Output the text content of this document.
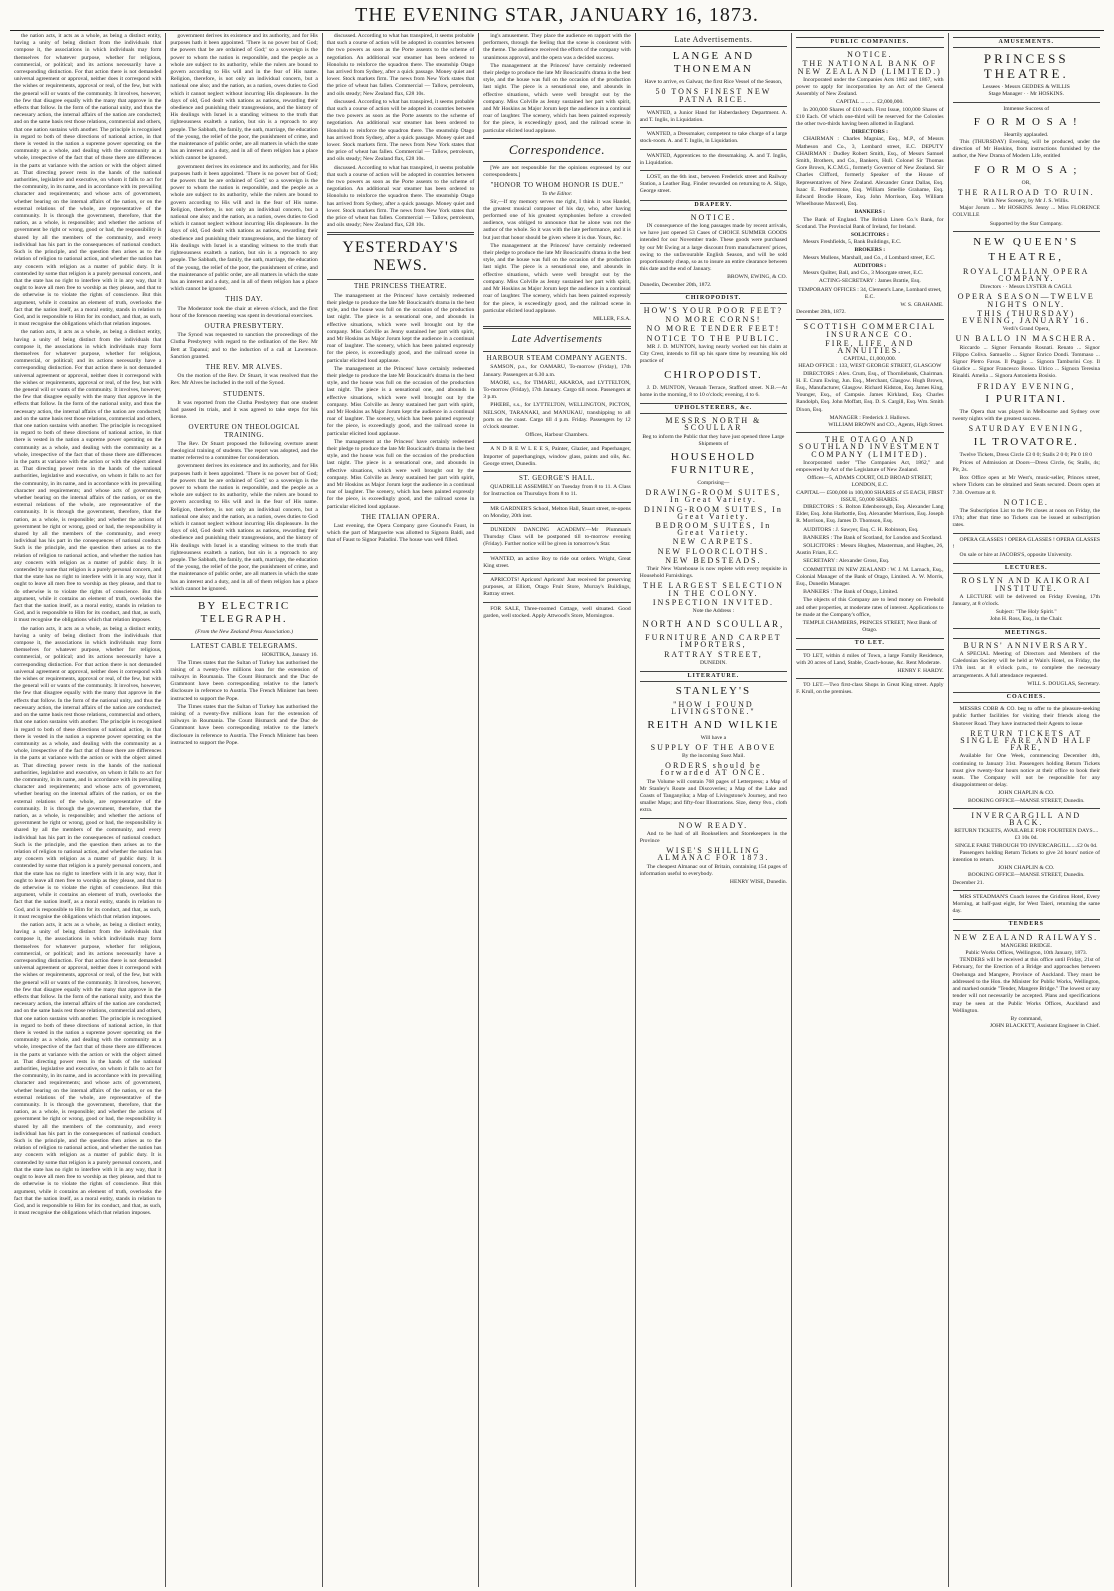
THE EVENING STAR, JANUARY 16, 1873.

the nation acts, it acts as a whole, as being a distinct entity, having a unity of being distinct from the individuals that compose it, the associations in which individuals may form themselves for whatever purpose, whether for religious, commercial, or political; and its actions necessarily have a corresponding distinction. For that action there is not demanded universal agreement or approval, neither does it correspond with the wishes or requirements, approval or real, of the few, but with the general will or wants of the community. It involves, however, the few that disagree equally with the many that approve in the effects that follow. In the form of the national unity, and thus the necessary action, the internal affairs of the nation are conducted; and on the same basis rest those relations, commercial and others, that one nation sustains with another. The principle is recognised in regard to both of these directions of national action, in that there is vested in the nation a supreme power operating on the community as a whole, and dealing with the community as a whole, irrespective of the fact that of those there are differences in the parts at variance with the action or with the object aimed at. That directing power rests in the hands of the national authorities, legislative and executive, on whom it falls to act for the community, in its name, and in accordance with its prevailing character and requirements; and whose acts of government, whether bearing on the internal affairs of the nation, or on the external relations of the whole, are representative of the community. It is through the government, therefore, that the nation, as a whole, is responsible; and whether the actions of government be right or wrong, good or bad, the responsibility is shared by all the members of the community, and every individual has his part in the consequences of national conduct. Such is the principle, and the question then arises as to the relation of religion to national action, and whether the nation has any concern with religion as a matter of public duty. It is contended by some that religion is a purely personal concern, and that the state has no right to interfere with it in any way, that it ought to leave all men free to worship as they please, and that to do otherwise is to violate the rights of conscience. But this argument, while it contains an element of truth, overlooks the fact that the nation itself, as a moral entity, stands in relation to God, and is responsible to Him for its conduct, and that, as such, it must recognise the obligations which that relation imposes.

the nation acts, it acts as a whole, as being a distinct entity, having a unity of being distinct from the individuals that compose it, the associations in which individuals may form themselves for whatever purpose, whether for religious, commercial, or political; and its actions necessarily have a corresponding distinction. For that action there is not demanded universal agreement or approval, neither does it correspond with the wishes or requirements, approval or real, of the few, but with the general will or wants of the community. It involves, however, the few that disagree equally with the many that approve in the effects that follow. In the form of the national unity, and thus the necessary action, the internal affairs of the nation are conducted; and on the same basis rest those relations, commercial and others, that one nation sustains with another. The principle is recognised in regard to both of these directions of national action, in that there is vested in the nation a supreme power operating on the community as a whole, and dealing with the community as a whole, irrespective of the fact that of those there are differences in the parts at variance with the action or with the object aimed at. That directing power rests in the hands of the national authorities, legislative and executive, on whom it falls to act for the community, in its name, and in accordance with its prevailing character and requirements; and whose acts of government, whether bearing on the internal affairs of the nation, or on the external relations of the whole, are representative of the community. It is through the government, therefore, that the nation, as a whole, is responsible; and whether the actions of government be right or wrong, good or bad, the responsibility is shared by all the members of the community, and every individual has his part in the consequences of national conduct. Such is the principle, and the question then arises as to the relation of religion to national action, and whether the nation has any concern with religion as a matter of public duty. It is contended by some that religion is a purely personal concern, and that the state has no right to interfere with it in any way, that it ought to leave all men free to worship as they please, and that to do otherwise is to violate the rights of conscience. But this argument, while it contains an element of truth, overlooks the fact that the nation itself, as a moral entity, stands in relation to God, and is responsible to Him for its conduct, and that, as such, it must recognise the obligations which that relation imposes.

the nation acts, it acts as a whole, as being a distinct entity, having a unity of being distinct from the individuals that compose it, the associations in which individuals may form themselves for whatever purpose, whether for religious, commercial, or political; and its actions necessarily have a corresponding distinction. For that action there is not demanded universal agreement or approval, neither does it correspond with the wishes or requirements, approval or real, of the few, but with the general will or wants of the community. It involves, however, the few that disagree equally with the many that approve in the effects that follow. In the form of the national unity, and thus the necessary action, the internal affairs of the nation are conducted; and on the same basis rest those relations, commercial and others, that one nation sustains with another. The principle is recognised in regard to both of these directions of national action, in that there is vested in the nation a supreme power operating on the community as a whole, and dealing with the community as a whole, irrespective of the fact that of those there are differences in the parts at variance with the action or with the object aimed at. That directing power rests in the hands of the national authorities, legislative and executive, on whom it falls to act for the community, in its name, and in accordance with its prevailing character and requirements; and whose acts of government, whether bearing on the internal affairs of the nation, or on the external relations of the whole, are representative of the community. It is through the government, therefore, that the nation, as a whole, is responsible; and whether the actions of government be right or wrong, good or bad, the responsibility is shared by all the members of the community, and every individual has his part in the consequences of national conduct. Such is the principle, and the question then arises as to the relation of religion to national action, and whether the nation has any concern with religion as a matter of public duty. It is contended by some that religion is a purely personal concern, and that the state has no right to interfere with it in any way, that it ought to leave all men free to worship as they please, and that to do otherwise is to violate the rights of conscience. But this argument, while it contains an element of truth, overlooks the fact that the nation itself, as a moral entity, stands in relation to God, and is responsible to Him for its conduct, and that, as such, it must recognise the obligations which that relation imposes.

the nation acts, it acts as a whole, as being a distinct entity, having a unity of being distinct from the individuals that compose it, the associations in which individuals may form themselves for whatever purpose, whether for religious, commercial, or political; and its actions necessarily have a corresponding distinction. For that action there is not demanded universal agreement or approval, neither does it correspond with the wishes or requirements, approval or real, of the few, but with the general will or wants of the community. It involves, however, the few that disagree equally with the many that approve in the effects that follow. In the form of the national unity, and thus the necessary action, the internal affairs of the nation are conducted; and on the same basis rest those relations, commercial and others, that one nation sustains with another. The principle is recognised in regard to both of these directions of national action, in that there is vested in the nation a supreme power operating on the community as a whole, and dealing with the community as a whole, irrespective of the fact that of those there are differences in the parts at variance with the action or with the object aimed at. That directing power rests in the hands of the national authorities, legislative and executive, on whom it falls to act for the community, in its name, and in accordance with its prevailing character and requirements; and whose acts of government, whether bearing on the internal affairs of the nation, or on the external relations of the whole, are representative of the community. It is through the government, therefore, that the nation, as a whole, is responsible; and whether the actions of government be right or wrong, good or bad, the responsibility is shared by all the members of the community, and every individual has his part in the consequences of national conduct. Such is the principle, and the question then arises as to the relation of religion to national action, and whether the nation has any concern with religion as a matter of public duty. It is contended by some that religion is a purely personal concern, and that the state has no right to interfere with it in any way, that it ought to leave all men free to worship as they please, and that to do otherwise is to violate the rights of conscience. But this argument, while it contains an element of truth, overlooks the fact that the nation itself, as a moral entity, stands in relation to God, and is responsible to Him for its conduct, and that, as such, it must recognise the obligations which that relation imposes.

government derives its existence and its authority, and for His purposes hath it been appointed. 'There is no power but of God; the powers that be are ordained of God;' so a sovereign is the power to whom the nation is responsible, and the people as a whole are subject to its authority, while the rulers are bound to govern according to His will and in the fear of His name. Religion, therefore, is not only an individual concern, but a national one also; and the nation, as a nation, owes duties to God which it cannot neglect without incurring His displeasure. In the days of old, God dealt with nations as nations, rewarding their obedience and punishing their transgressions, and the history of His dealings with Israel is a standing witness to the truth that righteousness exalteth a nation, but sin is a reproach to any people. The Sabbath, the family, the oath, marriage, the education of the young, the relief of the poor, the punishment of crime, and the maintenance of public order, are all matters in which the state has an interest and a duty, and in all of them religion has a place which cannot be ignored.

government derives its existence and its authority, and for His purposes hath it been appointed. 'There is no power but of God; the powers that be are ordained of God;' so a sovereign is the power to whom the nation is responsible, and the people as a whole are subject to its authority, while the rulers are bound to govern according to His will and in the fear of His name. Religion, therefore, is not only an individual concern, but a national one also; and the nation, as a nation, owes duties to God which it cannot neglect without incurring His displeasure. In the days of old, God dealt with nations as nations, rewarding their obedience and punishing their transgressions, and the history of His dealings with Israel is a standing witness to the truth that righteousness exalteth a nation, but sin is a reproach to any people. The Sabbath, the family, the oath, marriage, the education of the young, the relief of the poor, the punishment of crime, and the maintenance of public order, are all matters in which the state has an interest and a duty, and in all of them religion has a place which cannot be ignored.

THIS DAY.

The Moderator took the chair at eleven o'clock, and the first hour of the forenoon meeting was spent in devotional exercises.

OUTRA PRESBYTERY.

The Synod was requested to sanction the proceedings of the Clutha Presbytery with regard to the ordination of the Rev. Mr Bett at Tapanui; and to the induction of a call at Lawrence. Sanction granted.

THE REV. MR ALVES.

On the motion of the Rev. Dr Stuart, it was resolved that the Rev. Mr Alves be included in the roll of the Synod.

STUDENTS.

It was reported from the Clutha Presbytery that one student had passed its trials, and it was agreed to take steps for his license.

OVERTURE ON THEOLOGICAL TRAINING.

The Rev. Dr Stuart proposed the following overture anent theological training of students. The report was adopted, and the matter referred to a committee for consideration.

government derives its existence and its authority, and for His purposes hath it been appointed. 'There is no power but of God; the powers that be are ordained of God;' so a sovereign is the power to whom the nation is responsible, and the people as a whole are subject to its authority, while the rulers are bound to govern according to His will and in the fear of His name. Religion, therefore, is not only an individual concern, but a national one also; and the nation, as a nation, owes duties to God which it cannot neglect without incurring His displeasure. In the days of old, God dealt with nations as nations, rewarding their obedience and punishing their transgressions, and the history of His dealings with Israel is a standing witness to the truth that righteousness exalteth a nation, but sin is a reproach to any people. The Sabbath, the family, the oath, marriage, the education of the young, the relief of the poor, the punishment of crime, and the maintenance of public order, are all matters in which the state has an interest and a duty, and in all of them religion has a place which cannot be ignored.

BY ELECTRIC TELEGRAPH.
(From the New Zealand Press Association.)
LATEST CABLE TELEGRAMS.
HOKITIKA, January 16.

The Times states that the Sultan of Turkey has authorised the raising of a twenty-five millions loan for the extension of railways in Roumania. The Count Bismarck and the Duc de Grammont have been corresponding relative to the latter's disclosure in reference to Austria. The French Minister has been instructed to support the Pope.

The Times states that the Sultan of Turkey has authorised the raising of a twenty-five millions loan for the extension of railways in Roumania. The Count Bismarck and the Duc de Grammont have been corresponding relative to the latter's disclosure in reference to Austria. The French Minister has been instructed to support the Pope.

discussed. According to what has transpired, it seems probable that such a course of action will be adopted in countries between the two powers as soon as the Porte assents to the scheme of negotiation. An additional war steamer has been ordered to Honolulu to reinforce the squadron there. The steamship Otago has arrived from Sydney, after a quick passage. Money quiet and lower. Stock markets firm. The news from New York states that the price of wheat has fallen. Commercial — Tallow, petroleum, and oils steady; New Zealand flax, £28 10s.

discussed. According to what has transpired, it seems probable that such a course of action will be adopted in countries between the two powers as soon as the Porte assents to the scheme of negotiation. An additional war steamer has been ordered to Honolulu to reinforce the squadron there. The steamship Otago has arrived from Sydney, after a quick passage. Money quiet and lower. Stock markets firm. The news from New York states that the price of wheat has fallen. Commercial — Tallow, petroleum, and oils steady; New Zealand flax, £28 10s.

discussed. According to what has transpired, it seems probable that such a course of action will be adopted in countries between the two powers as soon as the Porte assents to the scheme of negotiation. An additional war steamer has been ordered to Honolulu to reinforce the squadron there. The steamship Otago has arrived from Sydney, after a quick passage. Money quiet and lower. Stock markets firm. The news from New York states that the price of wheat has fallen. Commercial — Tallow, petroleum, and oils steady; New Zealand flax, £28 10s.

YESTERDAY'S NEWS.
THE PRINCESS THEATRE.

The management at the Princess' have certainly redeemed their pledge to produce the late Mr Boucicault's drama in the best style, and the house was full on the occasion of the production last night. The piece is a sensational one, and abounds in effective situations, which were well brought out by the company. Miss Colville as Jenny sustained her part with spirit, and Mr Hoskins as Major Jorum kept the audience in a continual roar of laughter. The scenery, which has been painted expressly for the piece, is exceedingly good, and the railroad scene in particular elicited loud applause.

The management at the Princess' have certainly redeemed their pledge to produce the late Mr Boucicault's drama in the best style, and the house was full on the occasion of the production last night. The piece is a sensational one, and abounds in effective situations, which were well brought out by the company. Miss Colville as Jenny sustained her part with spirit, and Mr Hoskins as Major Jorum kept the audience in a continual roar of laughter. The scenery, which has been painted expressly for the piece, is exceedingly good, and the railroad scene in particular elicited loud applause.

The management at the Princess' have certainly redeemed their pledge to produce the late Mr Boucicault's drama in the best style, and the house was full on the occasion of the production last night. The piece is a sensational one, and abounds in effective situations, which were well brought out by the company. Miss Colville as Jenny sustained her part with spirit, and Mr Hoskins as Major Jorum kept the audience in a continual roar of laughter. The scenery, which has been painted expressly for the piece, is exceedingly good, and the railroad scene in particular elicited loud applause.

THE ITALIAN OPERA.

Last evening, the Opera Company gave Gounod's Faust, in which the part of Marguerite was allotted to Signora Baldi, and that of Faust to Signor Paladini. The house was well filled.

ing's amusement. They place the audience en rapport with the performers, through the feeling that the scene is consistent with the theme. The audience received the efforts of the company with unanimous approval, and the opera was a decided success.

The management at the Princess' have certainly redeemed their pledge to produce the late Mr Boucicault's drama in the best style, and the house was full on the occasion of the production last night. The piece is a sensational one, and abounds in effective situations, which were well brought out by the company. Miss Colville as Jenny sustained her part with spirit, and Mr Hoskins as Major Jorum kept the audience in a continual roar of laughter. The scenery, which has been painted expressly for the piece, is exceedingly good, and the railroad scene in particular elicited loud applause.

Correspondence.

[We are not responsible for the opinions expressed by our correspondents.]

"HONOR TO WHOM HONOR IS DUE."
To the Editor.

Sir,—If my memory serves me right, I think it was Handel, the greatest musical composer of his day, who, after having performed one of his greatest symphonies before a crowded audience, was obliged to announce that he alone was not the author of the whole. So it was with the late performance, and it is but just that honor should be given where it is due. Yours, &c.

The management at the Princess' have certainly redeemed their pledge to produce the late Mr Boucicault's drama in the best style, and the house was full on the occasion of the production last night. The piece is a sensational one, and abounds in effective situations, which were well brought out by the company. Miss Colville as Jenny sustained her part with spirit, and Mr Hoskins as Major Jorum kept the audience in a continual roar of laughter. The scenery, which has been painted expressly for the piece, is exceedingly good, and the railroad scene in particular elicited loud applause.

MILLER, F.S.A.
Late Advertisements
HARBOUR STEAM COMPANY AGENTS.

SAMSON, p.s., for OAMARU, To-morrow (Friday), 17th January. Passengers at 6.30 a.m.

MAORI, s.s., for TIMARU, AKAROA, and LYTTELTON, To-morrow (Friday), 17th January. Cargo till noon. Passengers at 3 p.m.

PHŒBE, s.s., for LYTTELTON, WELLINGTON, PICTON, NELSON, TARANAKI, and MANUKAU, transhipping to all ports on the coast. Cargo till 4 p.m. Friday. Passengers by 12 o'clock steamer.

Offices, Harbour Chambers.

A N D R E W L E E S, Painter, Glazier, and Paperhanger, Importer of paperhangings, window glass, paints and oils, &c. George street, Dunedin.

ST. GEORGE'S HALL.

QUADRILLE ASSEMBLY on Tuesday from 8 to 11. A Class for Instruction on Thursdays from 8 to 11.

MR GARDNER'S School, Melton Hall, Stuart street, re-opens on Monday, 20th inst.

DUNEDIN DANCING ACADEMY.—Mr Plumman's Thursday Class will be postponed till to-morrow evening (Friday). Further notice will be given in tomorrow's Star.

WANTED, an active Boy to ride out orders. Wright, Great King street.

APRICOTS! Apricots! Apricots! Just received for preserving purposes, at Elliott, Otago Fruit Store, Murray's Buildings, Rattray street.

FOR SALE, Three-roomed Cottage, well situated. Good garden, well stocked. Apply Attwood's Store, Mornington.

Late Advertisements.
LANGE AND THONEMAN
Have to arrive, ex Galwar, the first Rice Vessel of the Season,
50 TONS FINEST NEW PATNA RICE.

WANTED, a Junior Hand for Haberdashery Department. A. and T. Inglis, in Liquidation.

WANTED, a Dressmaker, competent to take charge of a large stock-room. A. and T. Inglis, in Liquidation.

WANTED, Apprentices to the dressmaking. A. and T. Inglis, in Liquidation.

LOST, on the 6th inst., between Frederick street and Railway Station, a Leather Bag. Finder rewarded on returning to A. Sligo, George street.

DRAPERY.
NOTICE.

IN consequence of the long passages made by recent arrivals, we have just opened 53 Cases of CHOICE SUMMER GOODS intended for our November trade. These goods were purchased by our Mr Ewing at a large discount from manufacturers' prices, owing to the unfavourable English Season, and will be sold proportionately cheap, so as to insure an entire clearance between this date and the end of January.

BROWN, EWING, & CO.
Dunedin, December 20th, 1872.
CHIROPODIST.
HOW'S YOUR POOR FEET?
NO MORE CORNS!
NO MORE TENDER FEET!
NOTICE TO THE PUBLIC.

MR J. D. MUNTON, having nearly worked out his claim at City Crest, intends to fill up his spare time by resuming his old practice of

CHIROPODIST.

J. D. MUNTON, Veranah Terrace, Stafford street. N.B.—At home in the morning, 8 to 10 o'clock; evening, 4 to 6.

UPHOLSTERERS, &c.
MESSRS NORTH & SCOULLAR
Beg to inform the Public that they have just opened three Large Shipments of
HOUSEHOLD FURNITURE,
Comprising—
DRAWING-ROOM SUITES, In Great Variety.
DINING-ROOM SUITES, In Great Variety.
BEDROOM SUITES, In Great Variety.
NEW CARPETS.
NEW FLOORCLOTHS.
NEW BEDSTEADS.

Their New Warehouse is now replete with every requisite in Household Furnishings.

THE LARGEST SELECTION IN THE COLONY.
INSPECTION INVITED.
Note the Address :
NORTH AND SCOULLAR,
FURNITURE AND CARPET IMPORTERS,
RATTRAY STREET,
DUNEDIN.
LITERATURE.
STANLEY'S
"HOW I FOUND LIVINGSTONE."
REITH AND WILKIE
Will have a
SUPPLY OF THE ABOVE
By the incoming Suez Mail.
ORDERS should be forwarded AT ONCE.

The Volume will contain 768 pages of Letterpress; a Map of Mr Stanley's Route and Discoveries; a Map of the Lake and Coasts of Tanganyika; a Map of Livingstone's Journey, and two smaller Maps; and fifty-four Illustrations. Size, demy 8vo., cloth extra.

NOW READY.

And to be had of all Booksellers and Storekeepers in the Province

WISE'S SHILLING ALMANAC FOR 1873.

The cheapest Almanac out of Britain, containing 154 pages of information useful to everybody.

HENRY WISE, Dunedin.
PUBLIC COMPANIES.
NOTICE.
THE NATIONAL BANK OF NEW ZEALAND (LIMITED.)

Incorporated under the Companies Acts 1862 and 1867, with power to apply for incorporation by an Act of the General Assembly of New Zealand.

CAPITAL ... ... ... £2,000,000.

In 200,000 Shares of £10 each. First Issue, 100,000 Shares of £10 Each. Of which one-third will be reserved for the Colonies the other two-thirds having been allotted in England.

DIRECTORS :

CHAIRMAN : Charles Magniac, Esq., M.P., of Messrs Matheson and Co., 3, Lombard street, E.C. DEPUTY CHAIRMAN : Dudley Robert Smith, Esq., of Messrs Samuel Smith, Brothers, and Co., Bankers, Hull. Colonel Sir Thomas Gore Brown, K.C.M.G., formerly Governor of New Zealand. Sir Charles Clifford, formerly Speaker of the House of Representatives of New Zealand. Alexander Grant Dallas, Esq. Isaac E. Featherstone, Esq. William Smellie Grahame, Esq. Edward Brodie Hoare, Esq. John Morrison, Esq. William Wheelhouse Maxwell, Esq.

BANKERS :

The Bank of England. The British Linen Co.'s Bank, for Scotland. The Provincial Bank of Ireland, for Ireland.

SOLICITORS :

Messrs Freshfields, 5, Bank Buildings, E.C.

BROKERS :

Messrs Mullens, Marshall, and Co., 4 Lombard street, E.C.

AUDITORS :

Messrs Quilter, Ball, and Co., 3 Moorgate street, E.C.

ACTING-SECRETARY : James Brattie, Esq.

TEMPORARY OFFICES : 34, Clement's Lane, Lombard street, E.C.

W. S. GRAHAME.
December 28th, 1872.
SCOTTISH COMMERCIAL INSURANCE CO.
FIRE, LIFE, AND ANNUITIES.
CAPITAL, £1,000,000.
HEAD OFFICE : 133, WEST GEORGE STREET, GLASGOW

DIRECTORS : Alex. Crum, Esq., of Thornliebank, Chairman. H. E. Crum Ewing, Jun. Esq., Merchant, Glasgow. Hugh Brown, Esq., Manufacturer, Glasgow. Richard Kidston, Esq. James King, Younger, Esq., of Campsie. James Kirkland, Esq. Charles Randolph, Esq. John Moffatt, Esq. D. S. Cargill, Esq. Wm. Smith Dixon, Esq.

MANAGER : Frederick J. Hallows.
WILLIAM BROWN and CO., Agents, High Street.
THE OTAGO AND SOUTHLAND INVESTMENT COMPANY (LIMITED).

Incorporated under "The Companies Act, 1862," and empowered by Act of the Legislature of New Zealand.

Offices—5, ADAMS COURT, OLD BROAD STREET, LONDON, E.C.
CAPITAL— £500,000 in 100,000 SHARES of £5 EACH, FIRST ISSUE, 50,000 SHARES.

DIRECTORS : S. Bolton Edenborough, Esq. Alexander Lang Elder, Esq. John Harbottle, Esq. Alexander Morrison, Esq. Joseph R. Morrison, Esq. James D. Thomson, Esq.

AUDITORS : J. Sawyer, Esq. C. H. Robinson, Esq.

BANKERS : The Bank of Scotland, for London and Scotland.

SOLICITORS : Messrs Hughes, Masterman, and Hughes, 26, Austin Friars, E.C.

SECRETARY : Alexander Gross, Esq.

COMMITTEE IN NEW ZEALAND : W. J. M. Larnach, Esq., Colonial Manager of the Bank of Otago, Limited. A. W. Morris, Esq., Dunedin Manager.

BANKERS : The Bank of Otago, Limited.

The objects of this Company are to lend money on Freehold and other properties, at moderate rates of interest. Applications to be made at the Company's office,

TEMPLE CHAMBERS, PRINCES STREET, Next Bank of Otago.
TO LET.

TO LET, within 4 miles of Town, a large Family Residence, with 20 acres of Land, Stable, Coach-house, &c. Rent Moderate.

HENRY F. HARDY.

TO LET.—Two first-class Shops in Great King street. Apply F. Krull, on the premises.

AMUSEMENTS.
PRINCESS THEATRE.
Lessees · Messrs GEDDES & WILLIS
Stage Manager · · Mr HOSKINS.
Immense Success of
F O R M O S A !
Heartily applauded.

This (THURSDAY) Evening, will be produced, under the direction of Mr Hoskins, from instructions furnished by the author, the New Drama of Modern Life, entitled

F O R M O S A ;
OR,
THE RAILROAD TO RUIN.
With New Scenery, by Mr J. S. Willis.

Major Jorum ... Mr HOSKINS. Jenny ... Miss FLORENCE COLVILLE

Supported by the Star Company.
NEW QUEEN'S THEATRE,
ROYAL ITALIAN OPERA COMPANY.
Directors · · Messrs LYSTER & CAGLI.
OPERA SEASON—TWELVE NIGHTS ONLY.
THIS (THURSDAY) EVENING, JANUARY 16.
Verdi's Grand Opera,
UN BALLO IN MASCHERA.

Riccardo ... Signor Fernando Rosnati. Renato ... Signor Filippo Coliva. Samuello ... Signor Enrico Dondi. Tommaso ... Signor Pietro Favas. Il Paggio ... Signora Tamburini Coy. Il Giudice ... Signor Francesco Bosso. Ulrico ... Signora Teresina Rinaldi. Amelia ... Signora Antonietta Bosisio.

FRIDAY EVENING,
I PURITANI.

The Opera that was played in Melbourne and Sydney over twenty nights with the greatest success.

SATURDAY EVENING,
IL TROVATORE.

Twelve Tickets, Dress Circle £3 0 0; Stalls 2 0 0; Pit 0 18 0

Prices of Admission at Doors—Dress Circle, 6s; Stalls, 4s; Pit, 2s.

Box Office open at Mr West's, music-seller, Princes street, where Tickets can be obtained and Seats secured. Doors open at 7.30. Overture at 8.

NOTICE.

The Subscription List to the Pit closes at noon on Friday, the 17th; after that time no Tickets can be issued at subscription rates.

OPERA GLASSES ! OPERA GLASSES ! OPERA GLASSES !

On sale or hire at JACOBS'S, opposite University.

LECTURES.
ROSLYN AND KAIKORAI INSTITUTE.

A LECTURE will be delivered on Friday Evening, 17th January, at 8 o'clock.

Subject: "The Holy Spirit."
John H. Ross, Esq., in the Chair.
MEETINGS.
BURNS' ANNIVERSARY.

A SPECIAL Meeting of Directors and Members of the Caledonian Society will be held at Wain's Hotel, on Friday, the 17th inst. at 8 o'clock p.m., to complete the necessary arrangements. A full attendance requested.

WILL S. DOUGLAS, Secretary.
COACHES.

MESSRS COBB & CO. beg to offer to the pleasure-seeking public further facilities for visiting their friends along the Shotover Road. They have instructed their Agents to issue

RETURN TICKETS AT SINGLE FARE AND HALF FARE,

Available for One Week, commencing December 4th, continuing to January 31st. Passengers holding Return Tickets must give twenty-four hours notice at their office to book their seats. The Company will not be responsible for any disappointment or delay.

JOHN CHAPLIN & CO.
BOOKING OFFICE—MANSE STREET, Dunedin.
INVERCARGILL AND BACK.
RETURN TICKETS, AVAILABLE FOR FOURTEEN DAYS.... £3 10s 0d.
SINGLE FARE THROUGH TO INVERCARGILL.....£2 0s 0d.

Passengers holding Return Tickets to give 24 hours' notice of intention to return.

JOHN CHAPLIN & CO.
BOOKING OFFICE—MANSE STREET, Dunedin.
December 21.

MRS STEADMAN'S Coach leaves the Gridiron Hotel, Every Morning, at half-past eight, for West Taieri, returning the same day.

TENDERS
NEW ZEALAND RAILWAYS.
MANGERE BRIDGE.
Public Works Offices, Wellington, 10th January, 1873.

TENDERS will be received at this office until Friday, 21st of February, for the Erection of a Bridge and approaches between Onehunga and Mangere, Province of Auckland. They must be addressed to the Hon. the Minister for Public Works, Wellington, and marked outside "Tender, Mangere Bridge." The lowest or any tender will not necessarily be accepted. Plans and specifications may be seen at the Public Works Offices, Auckland and Wellington.

By command,
JOHN BLACKETT, Assistant Engineer in Chief.
